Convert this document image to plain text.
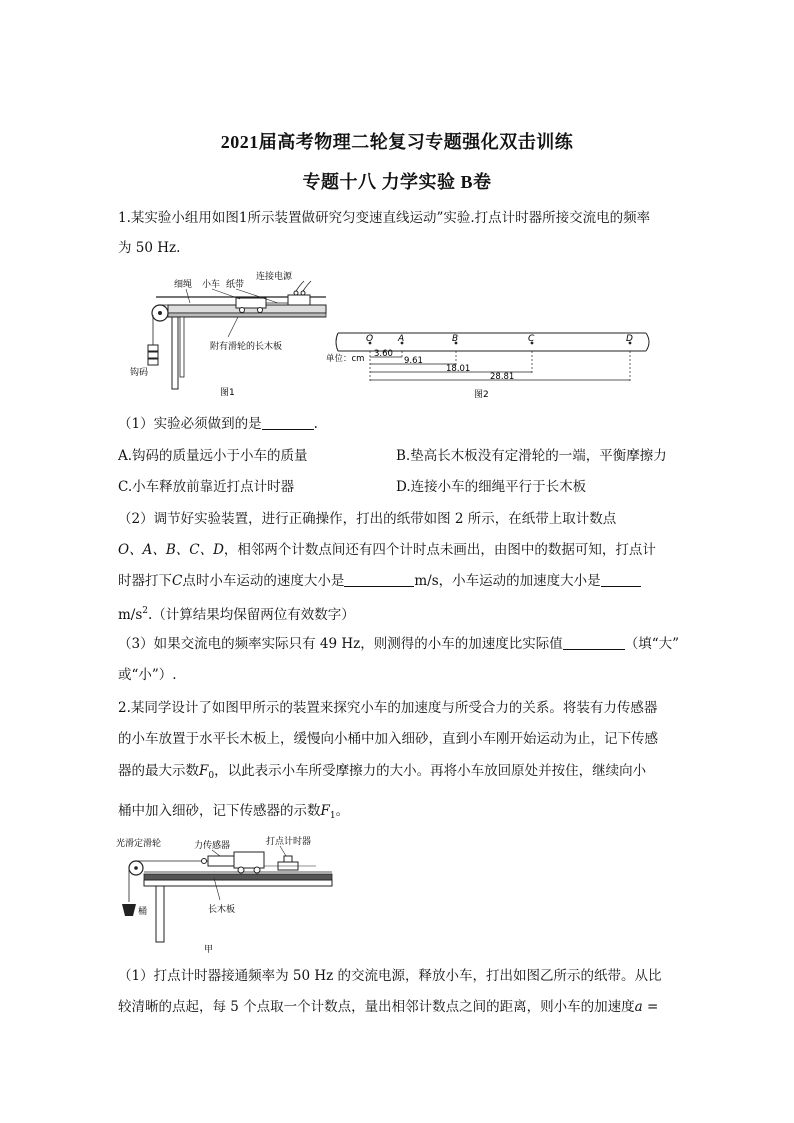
2021届高考物理二轮复习专题强化双击训练
专题十八 力学实验 B卷
1.某实验小组用如图1所示装置做研究匀变速直线运动”实验.打点计时器所接交流电的频率
为 50 Hz.
细绳 小车 纸带
连接电源
钩码
附有滑轮的长木板
图1
O	A	B	C	D
单位：cm 3.60
9.61
18.01
28.81
图2
（1）实验必须做到的是	.
A.钩码的质量远小于小车的质量	B.垫高长木板没有定滑轮的一端，平衡摩擦力
C.小车释放前靠近打点计时器	D.连接小车的细绳平行于长木板
（2）调节好实验装置，进行正确操作，打出的纸带如图 2 所示，在纸带上取计数点
O、A、B、C、D，相邻两个计数点间还有四个计时点未画出，由图中的数据可知，打点计
时器打下C点时小车运动的速度大小是	m/s，小车运动的加速度大小是
$m/s^2$.（计算结果均保留两位有效数字）
（3）如果交流电的频率实际只有 49 Hz，则测得的小车的加速度比实际值	（填“大”
或“小”）.
2.某同学设计了如图甲所示的装置来探究小车的加速度与所受合力的关系。将装有力传感器
的小车放置于水平长木板上，缓慢向小桶中加入细砂，直到小车刚开始运动为止，记下传感
器的最大示数$F_0$，以此表示小车所受摩擦力的大小。再将小车放回原处并按住，继续向小
桶中加入细砂，记下传感器的示数$F_1$。
光滑定滑轮	力传感器	打点计时器
桶	长木板
甲
（1）打点计时器接通频率为 50 Hz 的交流电源，释放小车，打出如图乙所示的纸带。从比
较清晰的点起，每 5 个点取一个计数点，量出相邻计数点之间的距离，则小车的加速度a =
